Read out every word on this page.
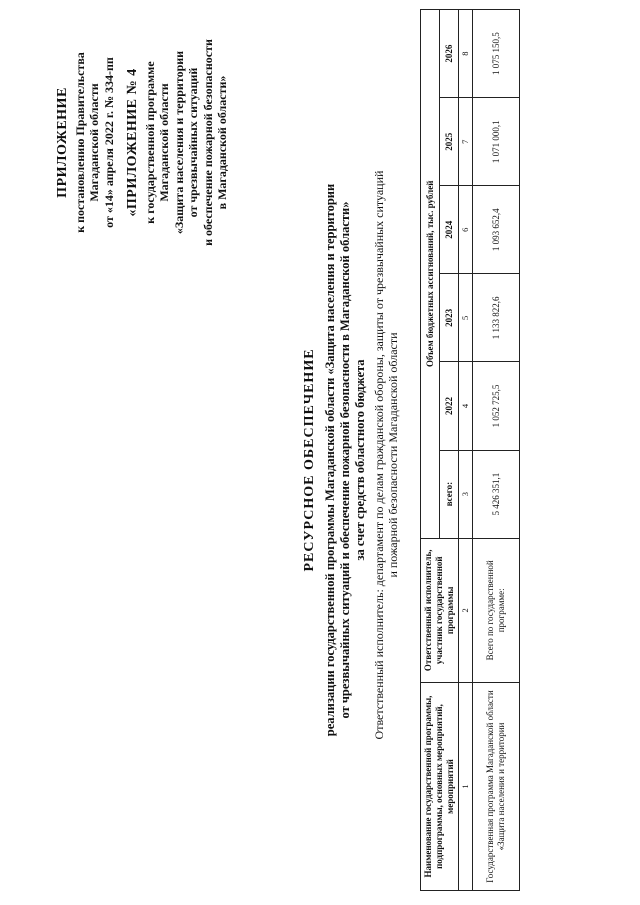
ПРИЛОЖЕНИЕ к постановлению Правительства Магаданской области от «14» апреля 2022 г. № 334-пп «ПРИЛОЖЕНИЕ № 4 к государственной программе Магаданской области «Защита населения и территории от чрезвычайных ситуаций и обеспечение пожарной безопасности в Магаданской области»
РЕСУРСНОЕ ОБЕСПЕЧЕНИЕ реализации государственной программы Магаданской области «Защита населения и территории от чрезвычайных ситуаций и обеспечение пожарной безопасности в Магаданской области» за счет средств областного бюджета Ответственный исполнитель: департамент по делам гражданской обороны, защиты от чрезвычайных ситуаций и пожарной безопасности Магаданской области
Наименование государственной программы, подпрограммы, основных мероприятий, мероприятий	Ответственный исполнитель, участник государственной программы	Объем бюджетных ассигнований, тыс. рублей					
		всего:	2022	2023	2024	2025	2026
1	2	3	4	5	6	7	8
Государственная программа Магаданской области «Защита населения и территории	Всего по государственной программе:	5 426 351,1	1 052 725,5	1 133 822,6	1 093 652,4	1 071 000,1	1 075 150,5
